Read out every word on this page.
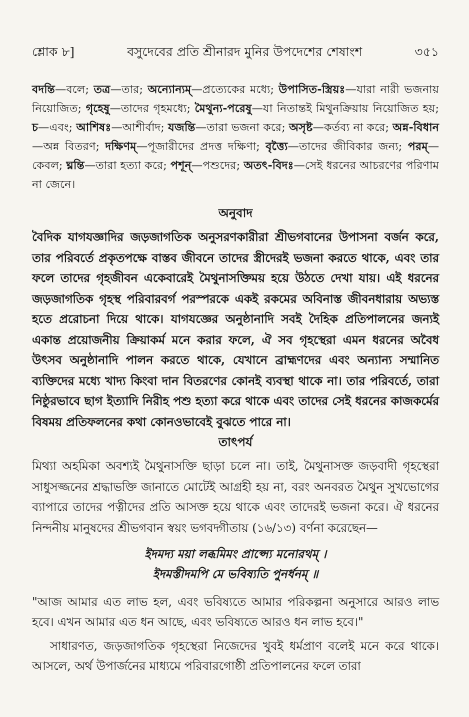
শ্লোক ৮]	বসুদেবের প্রতি শ্রীনারদ মুনির উপদেশের শেষাংশ	৩৫১

বদন্তি—বলে; তত্র—তার; অন্যোন্যম্—প্রত্যেকের মধ্যে; উপাসিত-স্ত্রিয়ঃ—যারা নারী ভজনায় নিয়োজিত; গৃহেষু—তাদের গৃহমধ্যে; মৈথুন্য-পরেষু—যা নিতান্তই মিথুনক্রিয়ায় নিয়োজিত হয়; চ—এবং; আশিষঃ—আশীর্বাদ; যজন্তি—তারা ভজনা করে; অসৃষ্ট—কর্তব্য না করে; অন্ন-বিধান—অন্ন বিতরণ; দক্ষিণম্—পূজারীদের প্রদত্ত দক্ষিণা; বৃত্ত্যৈ—তাদের জীবিকার জন্য; পরম্—কেবল; ঘ্নন্তি—তারা হত্যা করে; পশূন্—পশুদের; অতৎ-বিদঃ—সেই ধরনের আচরণের পরিণাম না জেনে।

অনুবাদ

বৈদিক যাগযজ্ঞাদির জড়জাগতিক অনুসরণকারীরা শ্রীভগবানের উপাসনা বর্জন করে, তার পরিবর্তে প্রকৃতপক্ষে বাস্তব জীবনে তাদের স্ত্রীদেরই ভজনা করতে থাকে, এবং তার ফলে তাদের গৃহজীবন একেবারেই মৈথুনাসক্তিময় হয়ে উঠতে দেখা যায়। এই ধরনের জড়জাগতিক গৃহস্থ পরিবারবর্গ পরস্পরকে একই রকমের অবিনাস্ত জীবনধারায় অভ্যস্ত হতে প্ররোচনা দিয়ে থাকে। যাগযজ্ঞের অনুষ্ঠানাদি সবই দৈহিক প্রতিপালনের জন্যই একান্ত প্রয়োজনীয় ক্রিয়াকর্ম মনে করার ফলে, ঐ সব গৃহস্থেরা এমন ধরনের অবৈধ উৎসব অনুষ্ঠানাদি পালন করতে থাকে, যেখানে ব্রাহ্মণদের এবং অন্যান্য সম্মানিত ব্যক্তিদের মধ্যে খাদ্য কিংবা দান বিতরণের কোনই ব্যবস্থা থাকে না। তার পরিবর্তে, তারা নিষ্ঠুরভাবে ছাগ ইত্যাদি নিরীহ পশু হত্যা করে থাকে এবং তাদের সেই ধরনের কাজকর্মের বিষময় প্রতিফলনের কথা কোনওভাবেই বুঝতে পারে না।

তাৎপর্য

মিথ্যা অহমিকা অবশ্যই মৈথুনাসক্তি ছাড়া চলে না। তাই, মৈথুনাসক্ত জড়বাদী গৃহস্থেরা সাধুসজ্জনের শ্রদ্ধাভক্তি জানাতে মোটেই আগ্রহী হয় না, বরং অনবরত মৈথুন সুখভোগের ব্যাপারে তাদের পত্নীদের প্রতি আসক্ত হয়ে থাকে এবং তাদেরই ভজনা করে। ঐ ধরনের নিন্দনীয় মানুষদের শ্রীভগবান স্বয়ং ভগবদ্গীতায় (১৬/১৩) বর্ণনা করেছেন—

ইদমদ্য ময়া লব্ধমিমং প্রাপ্স্যে মনোরথম্ ।
ইদমস্তীদমপি মে ভবিষ্যতি পুনর্ধনম্ ॥

"আজ আমার এত লাভ হল, এবং ভবিষ্যতে আমার পরিকল্পনা অনুসারে আরও লাভ হবে। এখন আমার এত ধন আছে, এবং ভবিষ্যতে আরও ধন লাভ হবে।"

সাধারণত, জড়জাগতিক গৃহস্থেরা নিজেদের খুবই ধর্মপ্রাণ বলেই মনে করে থাকে। আসলে, অর্থ উপার্জনের মাধ্যমে পরিবারগোষ্ঠী প্রতিপালনের ফলে তারা
